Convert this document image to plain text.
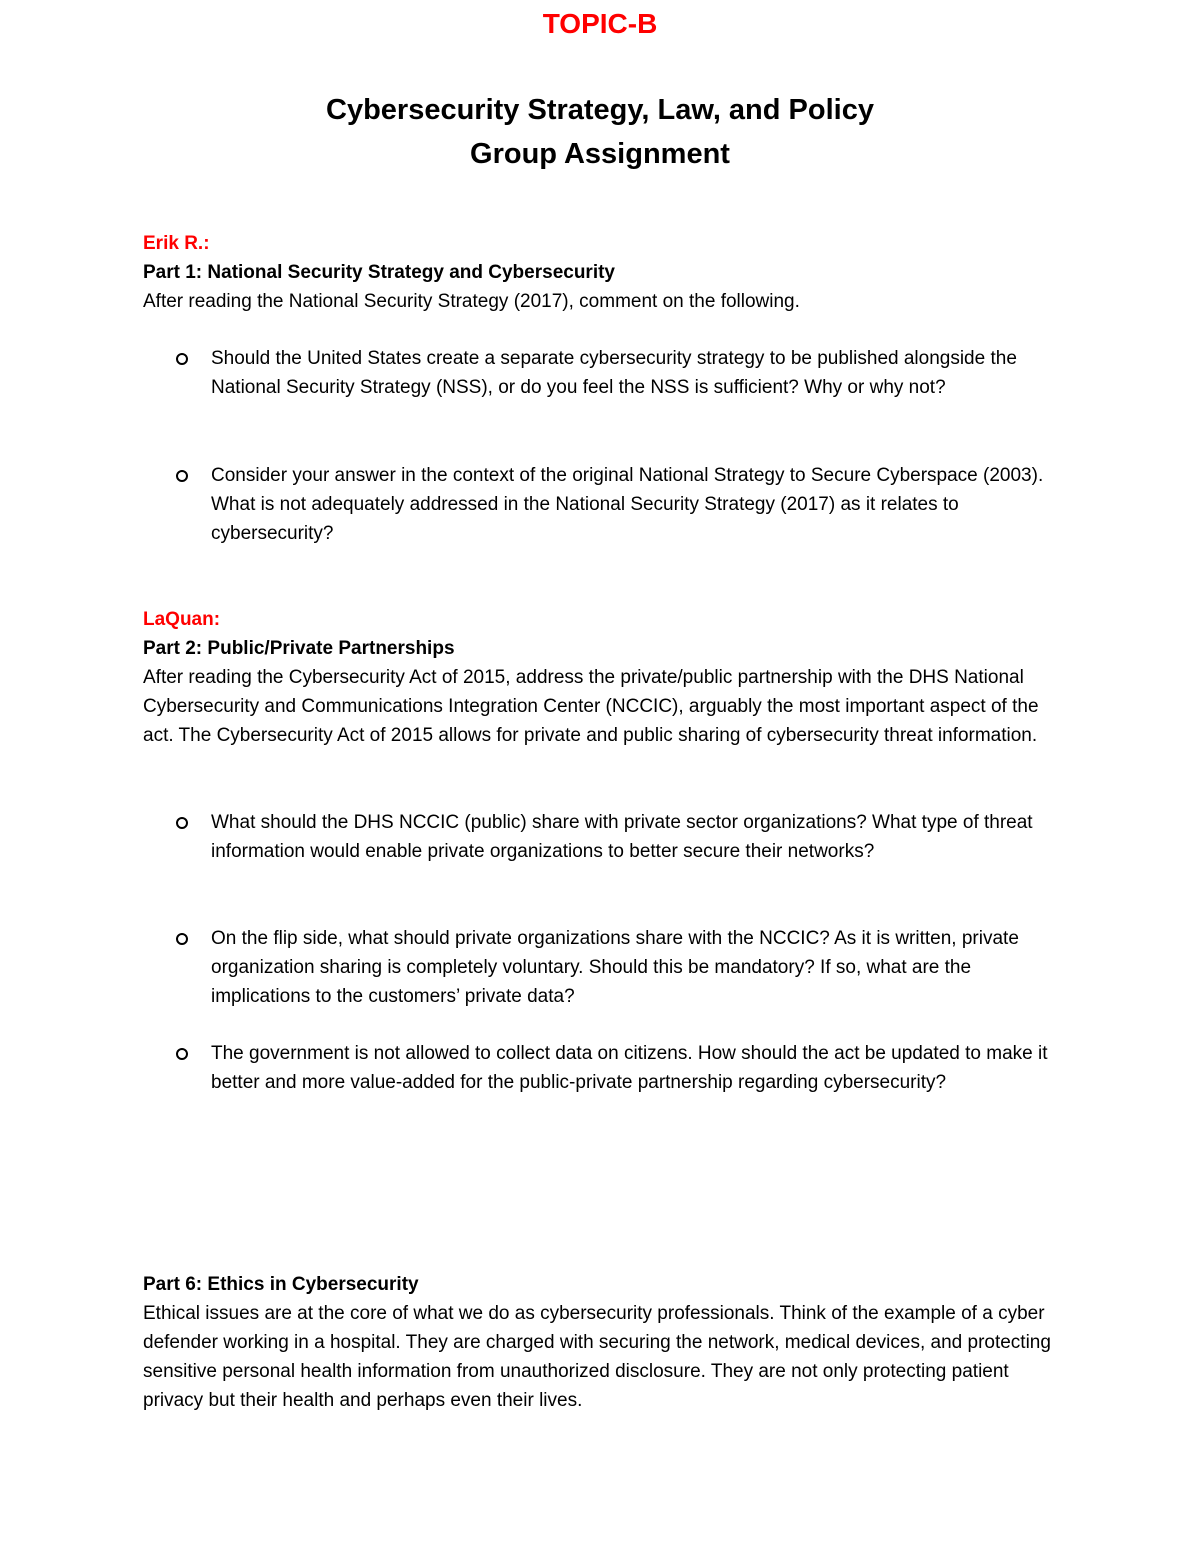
TOPIC-B
Cybersecurity Strategy, Law, and Policy
Group Assignment
Erik R.:
Part 1: National Security Strategy and Cybersecurity
After reading the National Security Strategy (2017), comment on the following.
Should the United States create a separate cybersecurity strategy to be published alongside the National Security Strategy (NSS), or do you feel the NSS is sufficient? Why or why not?
Consider your answer in the context of the original National Strategy to Secure Cyberspace (2003). What is not adequately addressed in the National Security Strategy (2017) as it relates to cybersecurity?
LaQuan:
Part 2: Public/Private Partnerships
After reading the Cybersecurity Act of 2015, address the private/public partnership with the DHS National Cybersecurity and Communications Integration Center (NCCIC), arguably the most important aspect of the act. The Cybersecurity Act of 2015 allows for private and public sharing of cybersecurity threat information.
What should the DHS NCCIC (public) share with private sector organizations? What type of threat information would enable private organizations to better secure their networks?
On the flip side, what should private organizations share with the NCCIC? As it is written, private organization sharing is completely voluntary. Should this be mandatory? If so, what are the implications to the customers’ private data?
The government is not allowed to collect data on citizens. How should the act be updated to make it better and more value-added for the public-private partnership regarding cybersecurity?
Part 6: Ethics in Cybersecurity
Ethical issues are at the core of what we do as cybersecurity professionals. Think of the example of a cyber defender working in a hospital. They are charged with securing the network, medical devices, and protecting sensitive personal health information from unauthorized disclosure. They are not only protecting patient privacy but their health and perhaps even their lives.
